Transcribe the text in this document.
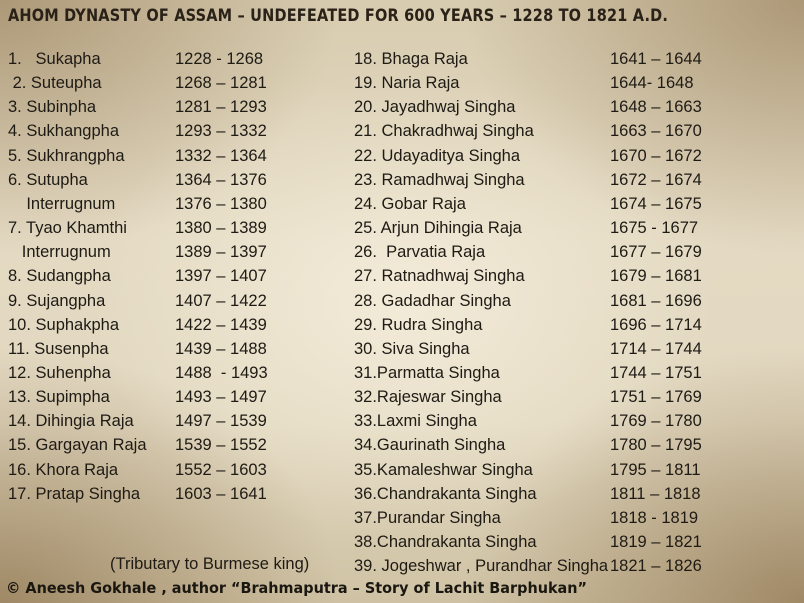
AHOM DYNASTY OF ASSAM – UNDEFEATED FOR 600 YEARS – 1228 TO 1821 A.D.
1.   Sukapha	1228 - 1268
2. Suteupha	1268 – 1281
3. Subinpha	1281 – 1293
4. Sukhangpha	1293 – 1332
5. Sukhrangpha	1332 – 1364
6. Sutupha	1364 – 1376
Interrugnum	1376 – 1380
7. Tyao Khamthi	1380 – 1389
Interrugnum	1389 – 1397
8. Sudangpha	1397 – 1407
9. Sujangpha	1407 – 1422
10. Suphakpha	1422 – 1439
11. Susenpha	1439 – 1488
12. Suhenpha	1488  - 1493
13. Supimpha	1493 – 1497
14. Dihingia Raja	1497 – 1539
15. Gargayan Raja 1539 – 1552
16. Khora Raja	1552 – 1603
17. Pratap Singha 1603 – 1641
18. Bhaga Raja	1641 – 1644
19. Naria Raja	1644- 1648
20. Jayadhwaj Singha	1648 – 1663
21. Chakradhwaj Singha	1663 – 1670
22. Udayaditya Singha	1670 – 1672
23. Ramadhwaj Singha	1672 – 1674
24. Gobar Raja	1674 – 1675
25. Arjun Dihingia Raja	1675 - 1677
26.  Parvatia Raja	1677 – 1679
27. Ratnadhwaj Singha	1679 – 1681
28. Gadadhar Singha	1681 – 1696
29. Rudra Singha	1696 – 1714
30. Siva Singha	1714 – 1744
31.Parmatta Singha	1744 – 1751
32.Rajeswar Singha	1751 – 1769
33.Laxmi Singha	1769 – 1780
34.Gaurinath Singha	1780 – 1795
35.Kamaleshwar Singha	1795 – 1811
36.Chandrakanta Singha	1811 – 1818
37.Purandar Singha	1818 - 1819
38.Chandrakanta Singha	1819 – 1821
39. Jogeshwar , Purandhar Singha 1821 – 1826
(Tributary to Burmese king)

© Aneesh Gokhale , author “Brahmaputra – Story of Lachit Barphukan”
